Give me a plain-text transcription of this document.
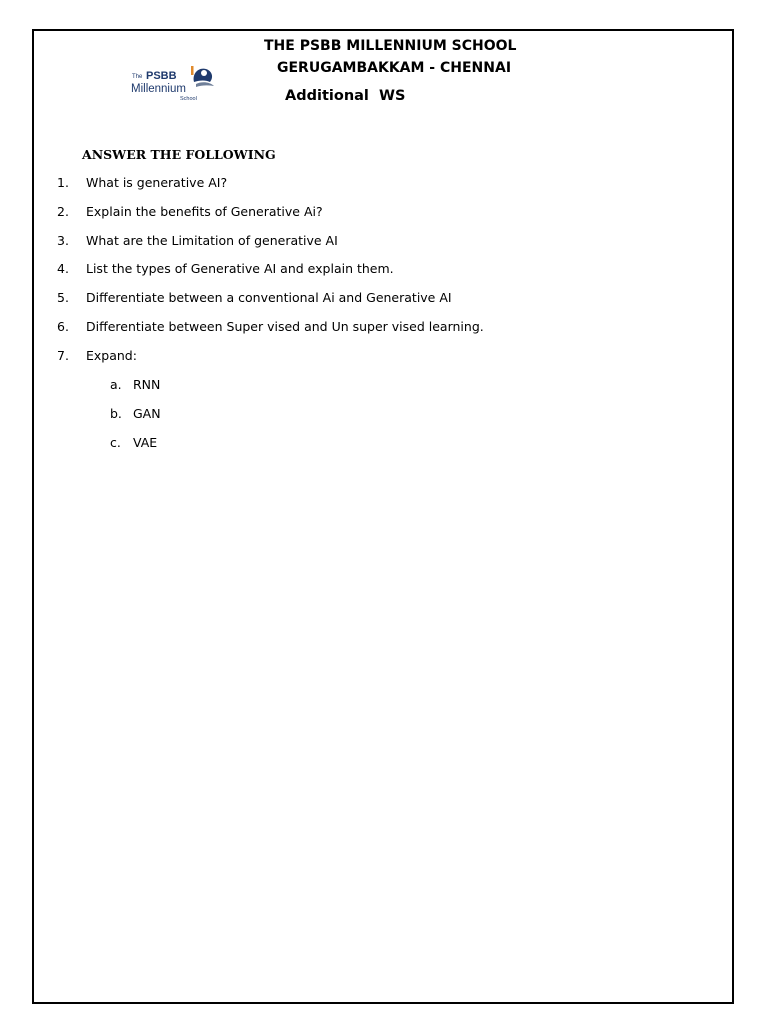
THE PSBB MILLENNIUM SCHOOL
GERUGAMBAKKAM - CHENNAI
Additional  WS
The PSBB
Millennium
School
ANSWER THE FOLLOWING
1. What is generative AI?
2. Explain the benefits of Generative Ai?
3. What are the Limitation of generative AI
4. List the types of Generative AI and explain them.
5. Differentiate between a conventional Ai and Generative AI
6. Differentiate between Super vised and Un super vised learning.
7. Expand:
a. RNN
b. GAN
c. VAE
